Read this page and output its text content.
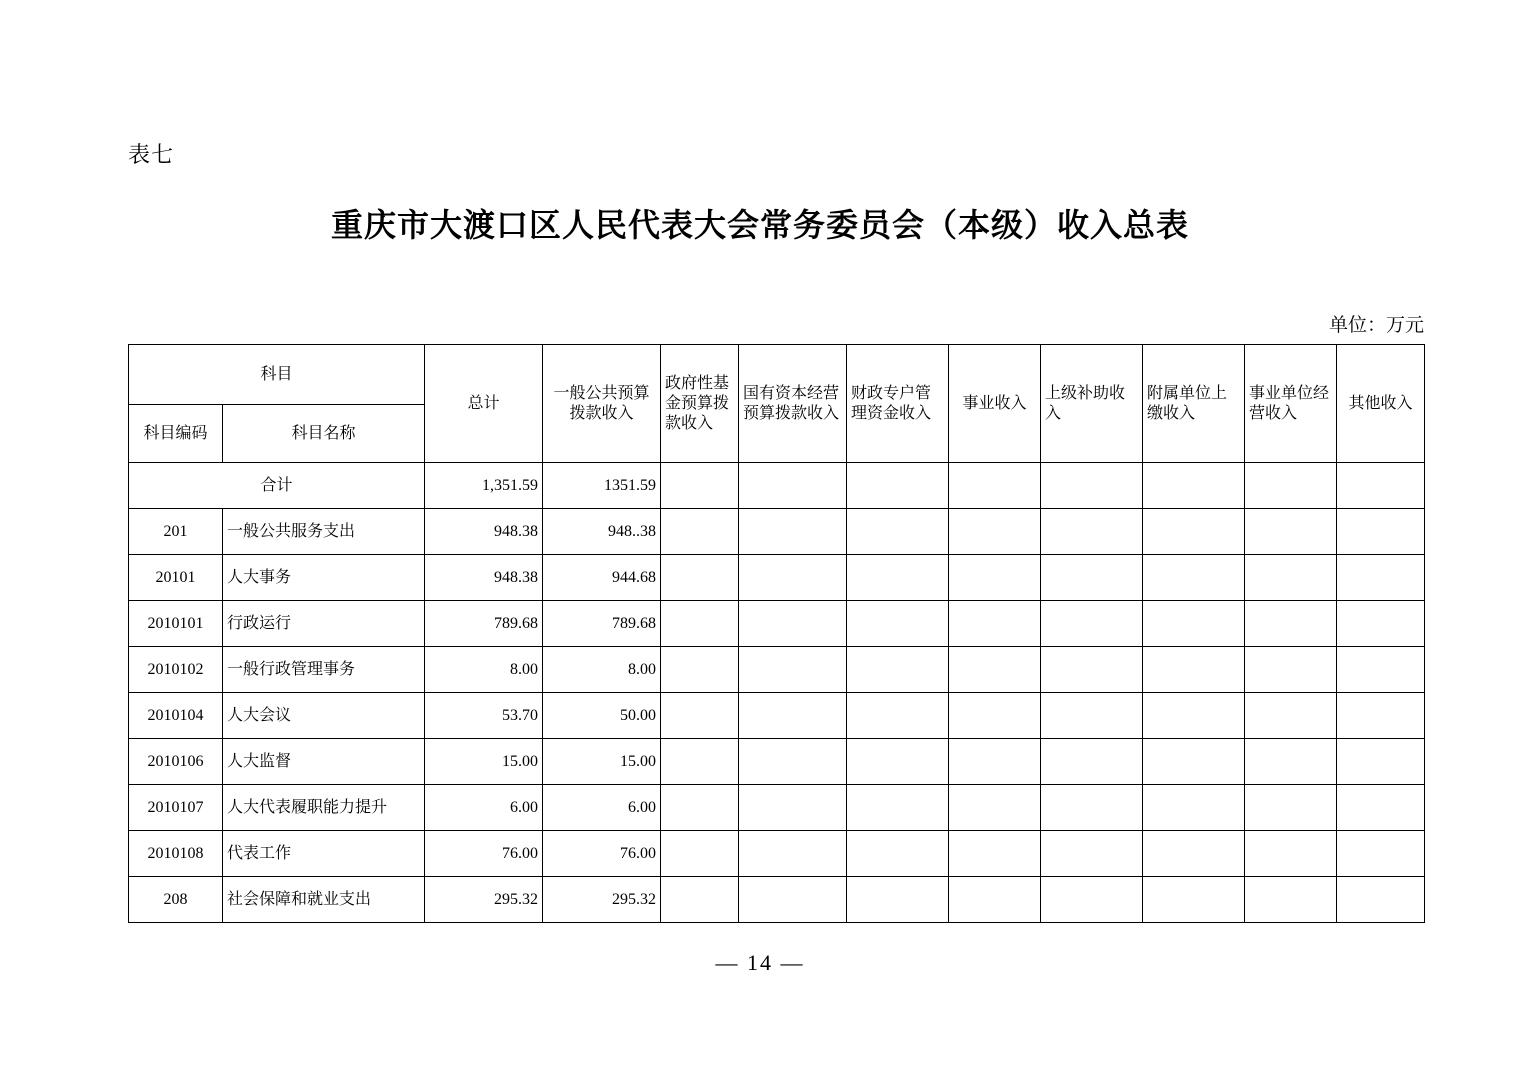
表七
重庆市大渡口区人民代表大会常务委员会（本级）收入总表
单位：万元
科目		总计	一般公共预算拨款收入	政府性基金预算拨款收入	国有资本经营预算拨款收入	财政专户管理资金收入	事业收入	上级补助收入	附属单位上缴收入	事业单位经营收入	其他收入
科目编码	科目名称										
合计		1,351.59	1351.59								
201	一般公共服务支出	948.38	948..38								
20101	人大事务	948.38	944.68								
2010101	行政运行	789.68	789.68								
2010102	一般行政管理事务	8.00	8.00								
2010104	人大会议	53.70	50.00								
2010106	人大监督	15.00	15.00								
2010107	人大代表履职能力提升	6.00	6.00								
2010108	代表工作	76.00	76.00								
208	社会保障和就业支出	295.32	295.32								
— 14 —
